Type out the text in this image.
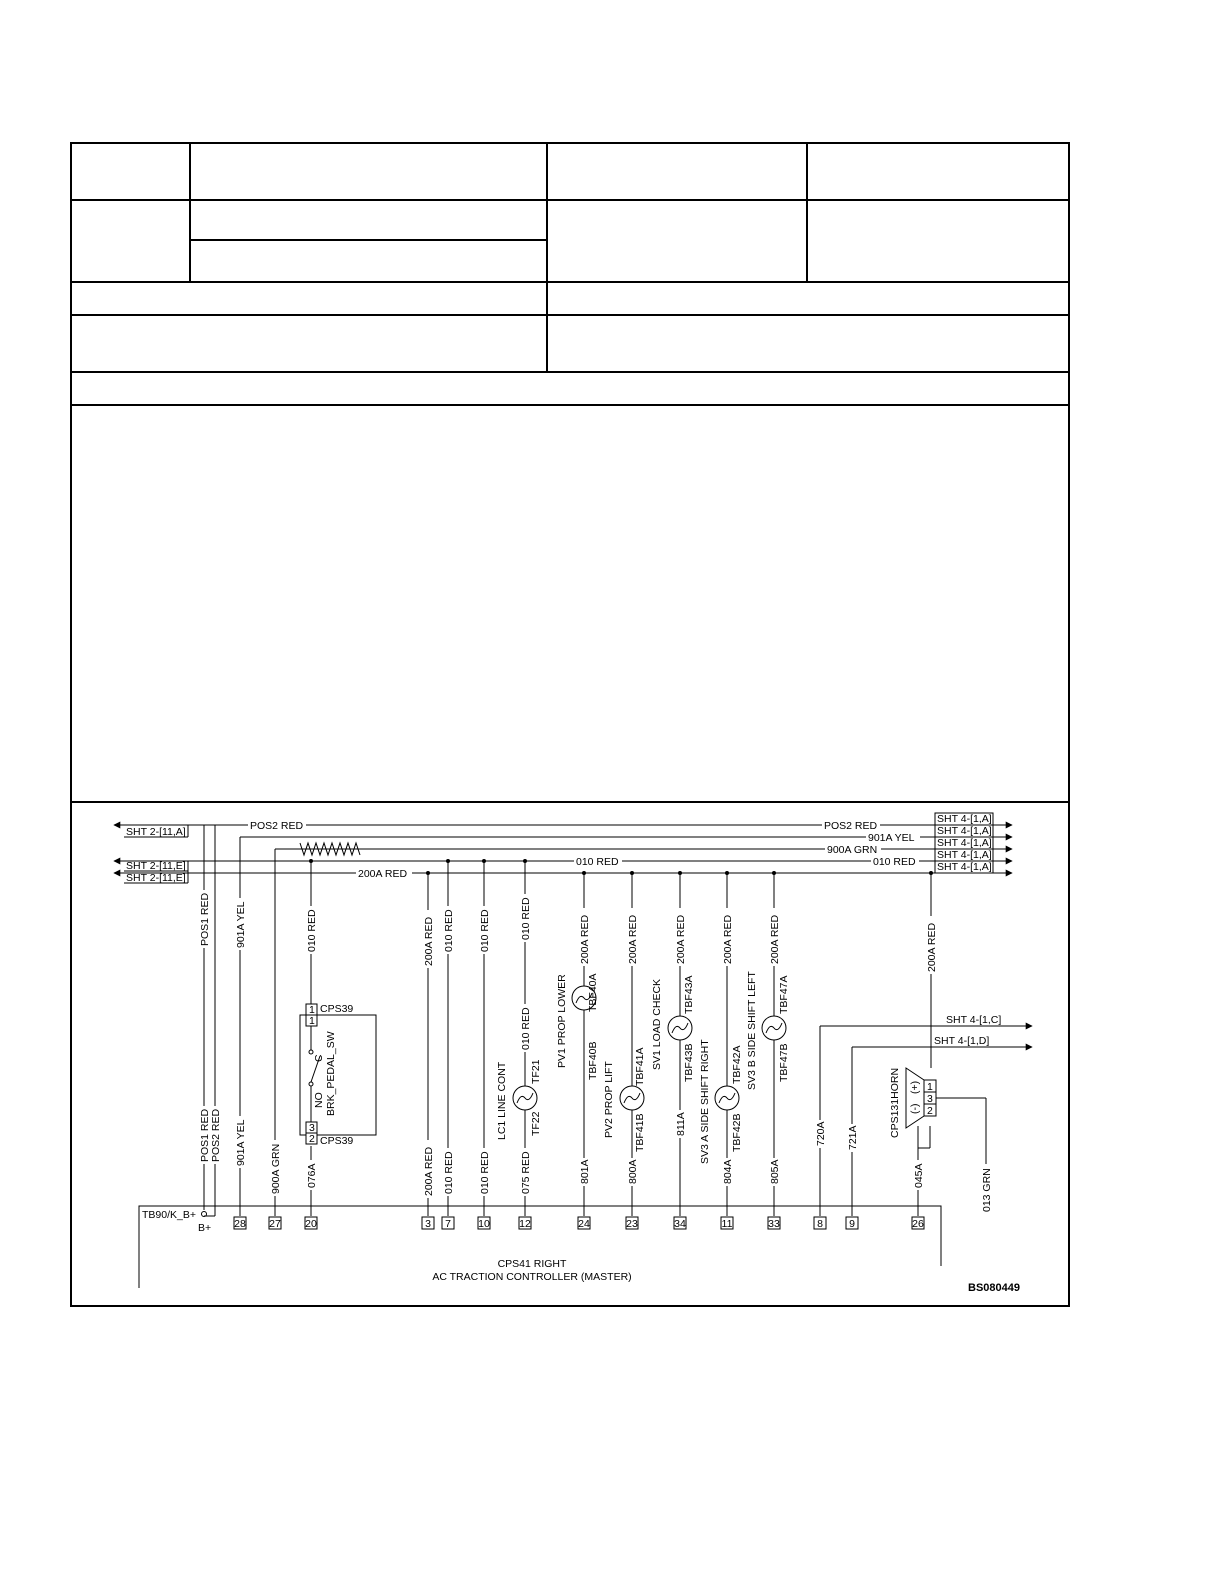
POS2 RED	POS2 RED
901A YEL
900A GRN
010 RED	010 RED
200A RED
SHT 2-[11,A]
SHT 2-[11,E]
SHT 2-[11,E]
SHT 4-[1,A]
SHT 4-[1,A]
SHT 4-[1,A]
SHT 4-[1,A]
SHT 4-[1,A]
SHT 4-[1,C]
SHT 4-[1,D]
1
1
3
2
CPS39
CPS39
C
NO BRK_PEDAL_SW	LC1 LINE CONT TF21
TF22
PV1 PROP LOWER TBF40A
TBF40B
PV2 PROP LIFT TBF41A
TBF41B
SV1 LOAD CHECK TBF43A
TBF43B SV3 A SIDE SHIFT RIGHT TBF42A
TBF42B
SV3 B SIDE SHIFT LEFT TBF47A
TBF47B
1
3
2
(+)
(-)
CPS131HORN
POS1 RED 901A YEL	010 RED	200A RED 010 RED 010 RED	010 RED
010 RED
200A RED	200A RED	200A RED	200A RED	200A RED	200A RED
POS1 RED POS2 RED 901A YEL
900A GRN 076A	200A RED 010 RED 010 RED	075 RED	801A	800A
811A
804A	805A
720A 721A
045A	013 GRN
TB90/K_B+
B+
CPS41 RIGHT
AC TRACTION CONTROLLER (MASTER)
28 27 20	3 7	10	12	24	23	34	11	33	8 9	26
BS080449
